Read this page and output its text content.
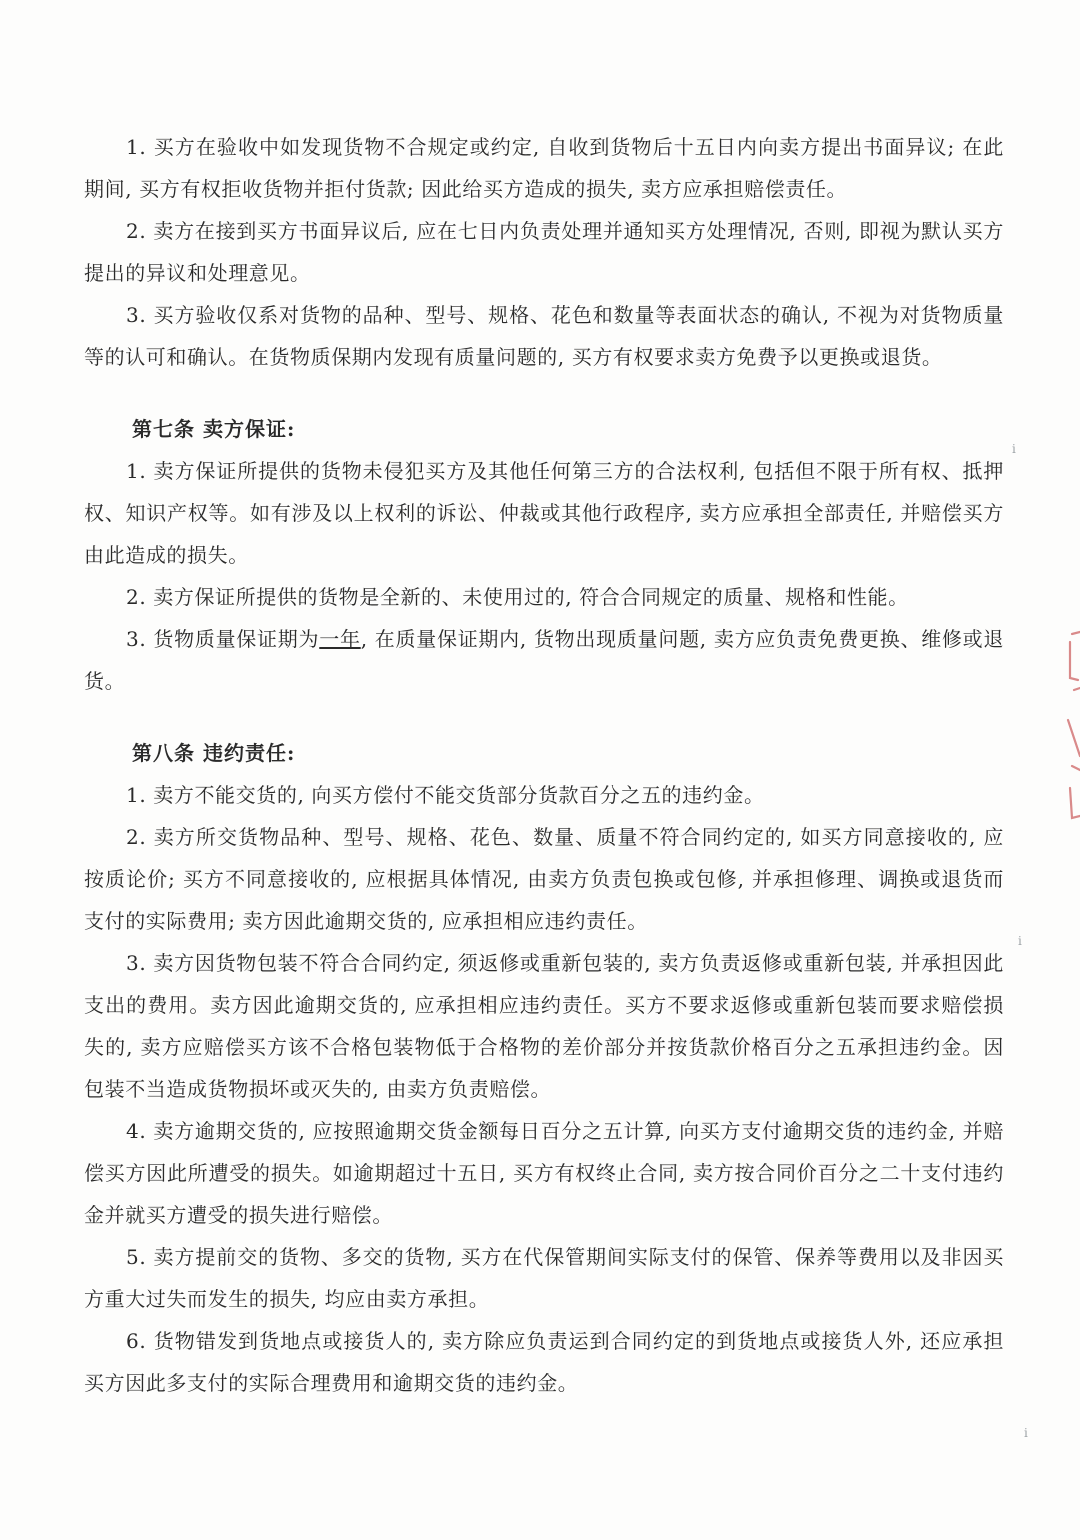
1. 买方在验收中如发现货物不合规定或约定, 自收到货物后十五日内向卖方提出书面异议; 在此期间, 买方有权拒收货物并拒付货款; 因此给买方造成的损失, 卖方应承担赔偿责任。

2. 卖方在接到买方书面异议后, 应在七日内负责处理并通知买方处理情况, 否则, 即视为默认买方提出的异议和处理意见。

3. 买方验收仅系对货物的品种、型号、规格、花色和数量等表面状态的确认, 不视为对货物质量等的认可和确认。在货物质保期内发现有质量问题的, 买方有权要求卖方免费予以更换或退货。

第七条 卖方保证:

1. 卖方保证所提供的货物未侵犯买方及其他任何第三方的合法权利, 包括但不限于所有权、抵押权、知识产权等。如有涉及以上权利的诉讼、仲裁或其他行政程序, 卖方应承担全部责任, 并赔偿买方由此造成的损失。

2. 卖方保证所提供的货物是全新的、未使用过的, 符合合同规定的质量、规格和性能。

3. 货物质量保证期为一年, 在质量保证期内, 货物出现质量问题, 卖方应负责免费更换、维修或退货。

第八条 违约责任:

1. 卖方不能交货的, 向买方偿付不能交货部分货款百分之五的违约金。

2. 卖方所交货物品种、型号、规格、花色、数量、质量不符合同约定的, 如买方同意接收的, 应按质论价; 买方不同意接收的, 应根据具体情况, 由卖方负责包换或包修, 并承担修理、调换或退货而支付的实际费用; 卖方因此逾期交货的, 应承担相应违约责任。

3. 卖方因货物包装不符合合同约定, 须返修或重新包装的, 卖方负责返修或重新包装, 并承担因此支出的费用。卖方因此逾期交货的, 应承担相应违约责任。买方不要求返修或重新包装而要求赔偿损失的, 卖方应赔偿买方该不合格包装物低于合格物的差价部分并按货款价格百分之五承担违约金。因包装不当造成货物损坏或灭失的, 由卖方负责赔偿。

4. 卖方逾期交货的, 应按照逾期交货金额每日百分之五计算, 向买方支付逾期交货的违约金, 并赔偿买方因此所遭受的损失。如逾期超过十五日, 买方有权终止合同, 卖方按合同价百分之二十支付违约金并就买方遭受的损失进行赔偿。

5. 卖方提前交的货物、多交的货物, 买方在代保管期间实际支付的保管、保养等费用以及非因买方重大过失而发生的损失, 均应由卖方承担。

6. 货物错发到货地点或接货人的, 卖方除应负责运到合同约定的到货地点或接货人外, 还应承担买方因此多支付的实际合理费用和逾期交货的违约金。

ⅰ
ⅰ
ⅰ
